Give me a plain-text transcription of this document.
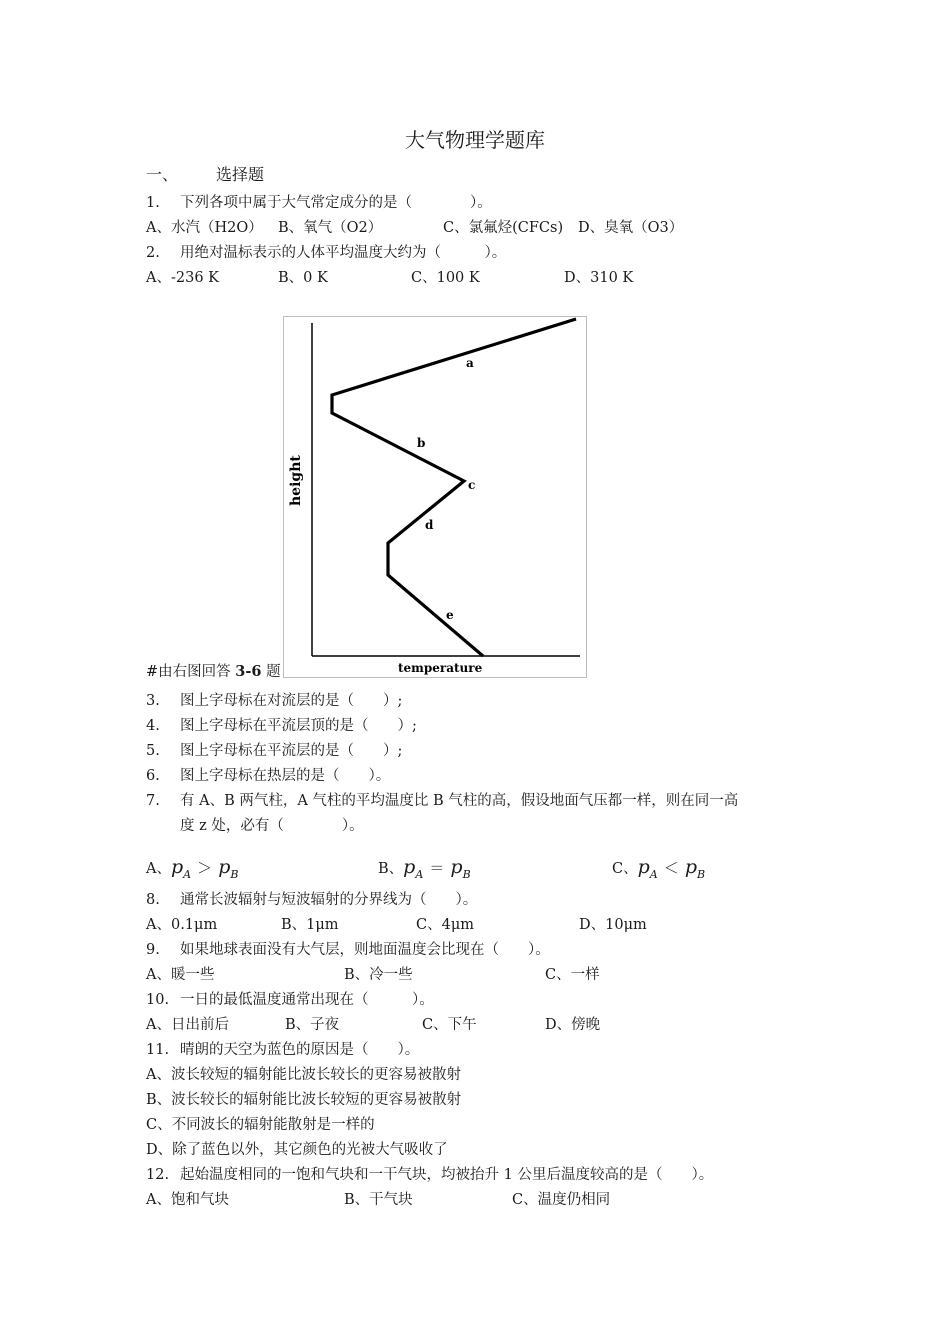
大气物理学题库
一、 选择题
1. 下列各项中属于大气常定成分的是（　　　　）。
A、水汽（H2O） B、氧气（O2）	C、氯氟烃(CFCs) D、臭氧（O3）
2. 用绝对温标表示的人体平均温度大约为（　　　）。
A、-236 K	B、0 K	C、100 K	D、310 K
a
b
c
d
e
temperature
height
#由右图回答 3-6 题
3. 图上字母标在对流层的是（　　）;
4. 图上字母标在平流层顶的是（　　）;
5. 图上字母标在平流层的是（　　）;
6. 图上字母标在热层的是（　　）。
7. 有 A、B 两气柱，A 气柱的平均温度比 B 气柱的高，假设地面气压都一样，则在同一高
度 z 处，必有（　　　　）。
A、$p_A > p_B$	B、$p_A = p_B$	C、$p_A < p_B$
8. 通常长波辐射与短波辐射的分界线为（　　）。
A、0.1μm	B、1μm	C、4μm	D、10μm
9. 如果地球表面没有大气层，则地面温度会比现在（　　）。
A、暖一些	B、冷一些	C、一样
10. 一日的最低温度通常出现在（　　　）。
A、日出前后	B、子夜	C、下午	D、傍晚
11. 晴朗的天空为蓝色的原因是（　　）。
A、波长较短的辐射能比波长较长的更容易被散射
B、波长较长的辐射能比波长较短的更容易被散射
C、不同波长的辐射能散射是一样的
D、除了蓝色以外，其它颜色的光被大气吸收了
12. 起始温度相同的一饱和气块和一干气块，均被抬升 1 公里后温度较高的是（　　）。
A、饱和气块	B、干气块	C、温度仍相同
